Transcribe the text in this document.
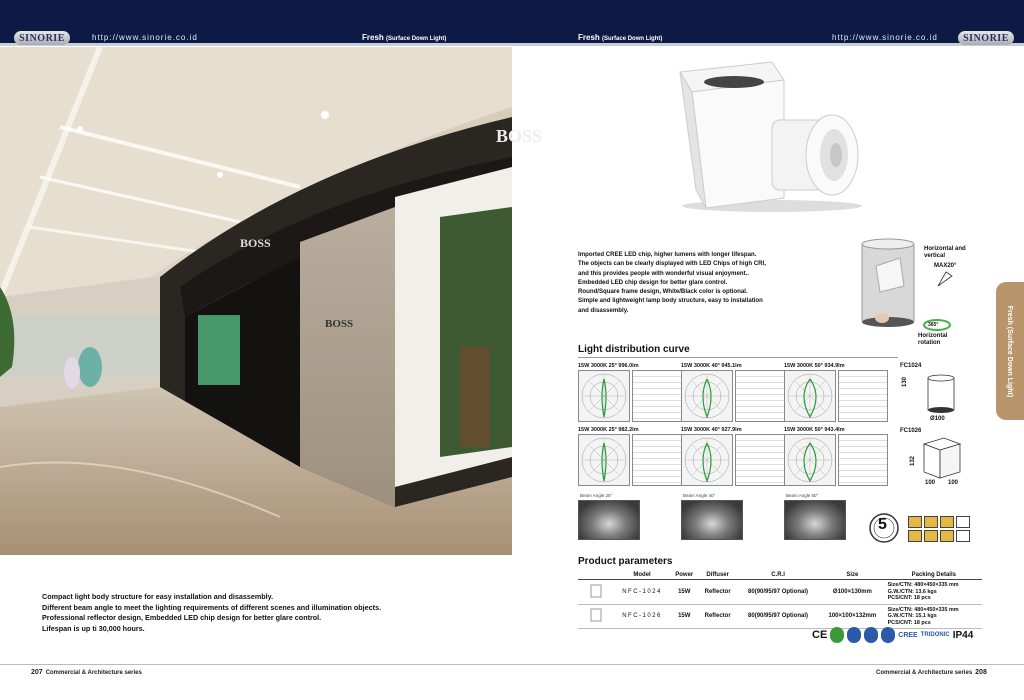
SINORIE	http://www.sinorie.co.id	Fresh (Surface Down Light)	Fresh (Surface Down Light)	http://www.sinorie.co.id	SINORIE
BOSS
BOSS
BOSS
Compact light body structure for easy installation and disassembly.
Different beam angle to meet the lighting requirements of different scenes and illumination objects.
Professional reflector design, Embedded LED chip design for better glare control.
Lifespan is up ti 30,000 hours.
Imported CREE LED chip, higher lumens with longer lifespan.
The objects can be clearly displayed with LED Chips of high CRI,
and this provides people with wonderful visual enjoyment..
Embedded LED chip design for better glare control.
Round/Square frame design, White/Black color is optional.
Simple and lightweight lamp body structure, easy to installation
and disassembly.
Horizontal and vertical
MAX20°
365°
Horizontal rotation	Fresh (Surface Down Light)
Light distribution curve
15W 3000K 25° 996.0lm	15W 3000K 40° 945.1lm	15W 3000K 50° 934.9lm
15W 3000K 25° 982.2lm	15W 3000K 40° 927.9lm	15W 3000K 50° 943.4lm
Beam Angle 25°	Beam Angle 40°	Beam Angle 50°
FC1024
130
Ø100
FC1026
132
100 100
5
Product parameters
	Model	Power	Diffuser	C.R.I	Size	Packing Details
	NFC-1024	15W	Reflector	80(90/95/97 Optional)	Ø100×130mm	Size/CTN: 480×450×335 mm
G.W./CTN: 13.6 kgs
PCS/CNT: 18 pcs

	NFC-1026	15W	Reflector	80(90/95/97 Optional)	100×100×132mm	Size/CTN: 480×450×335 mm
G.W./CTN: 15.1 kgs
PCS/CNT: 18 pcs
CE	CREE TRIDONIC IP44
207 Commercial & Architecture series	Commercial & Architecture series 208
